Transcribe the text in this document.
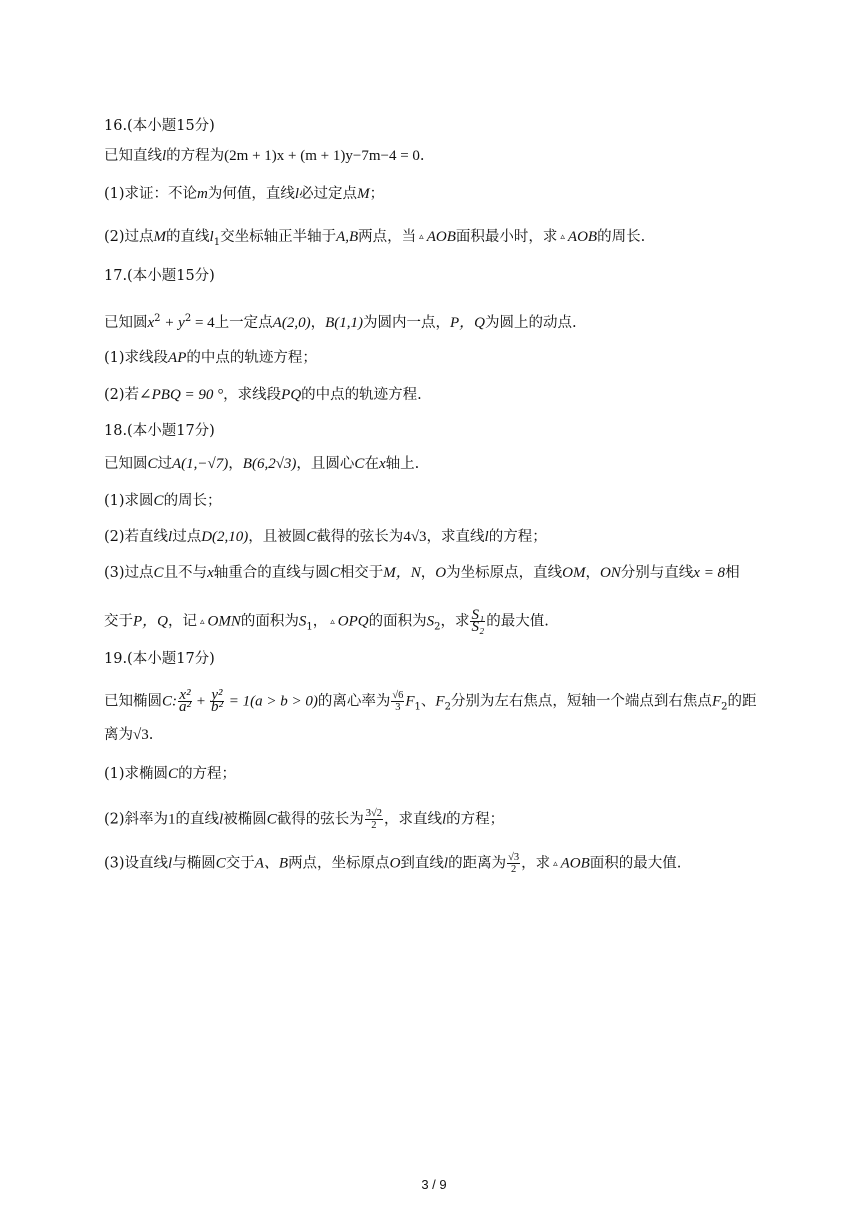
16.(本小题15分)
已知直线l的方程为(2m + 1)x + (m + 1)y−7m−4 = 0.
(1)求证：不论m为何值，直线l必过定点M；
(2)过点M的直线$l_1$交坐标轴正半轴于A,B两点，当 ▵ AOB面积最小时，求 ▵ AOB的周长.
17.(本小题15分)
已知圆$x^2 + y^2 = 4$上一定点A(2,0)，B(1,1)为圆内一点，P，Q为圆上的动点.
(1)求线段AP的中点的轨迹方程；
(2)若∠PBQ = 90 °，求线段PQ的中点的轨迹方程.
18.(本小题17分)
已知圆C过A(1,−√7)，B(6,2√3)，且圆心C在x轴上.
(1)求圆C的周长；
(2)若直线l过点D(2,10)，且被圆C截得的弦长为4√3，求直线l的方程；
(3)过点C且不与x轴重合的直线与圆C相交于M，N，O为坐标原点，直线OM，ON分别与直线x = 8相
交于P，Q，记 ▵ OMN的面积为$S_1$， ▵ OPQ的面积为$S_2$，求 $\frac{\text{S₁}}{\text{S₂}}$ 的最大值.
19.(本小题17分)
已知椭圆C: $\frac{\text{x²}}{\text{a²}} + \frac{\text{y²}}{\text{b²}} = 1(a > b > 0)$的离心率为 $\frac{√6}{3} F_1$、$F_2$分别为左右焦点，短轴一个端点到右焦点$F_2$的距
离为√3.
(1)求椭圆C的方程；
(2)斜率为1的直线l被椭圆C截得的弦长为 $\frac{3√2}{2}$ ，求直线l的方程；
(3)设直线l与椭圆C交于A、B两点，坐标原点O到直线l的距离为 $\frac{√3}{2}$ ，求 ▵ AOB面积的最大值.
3 / 9
